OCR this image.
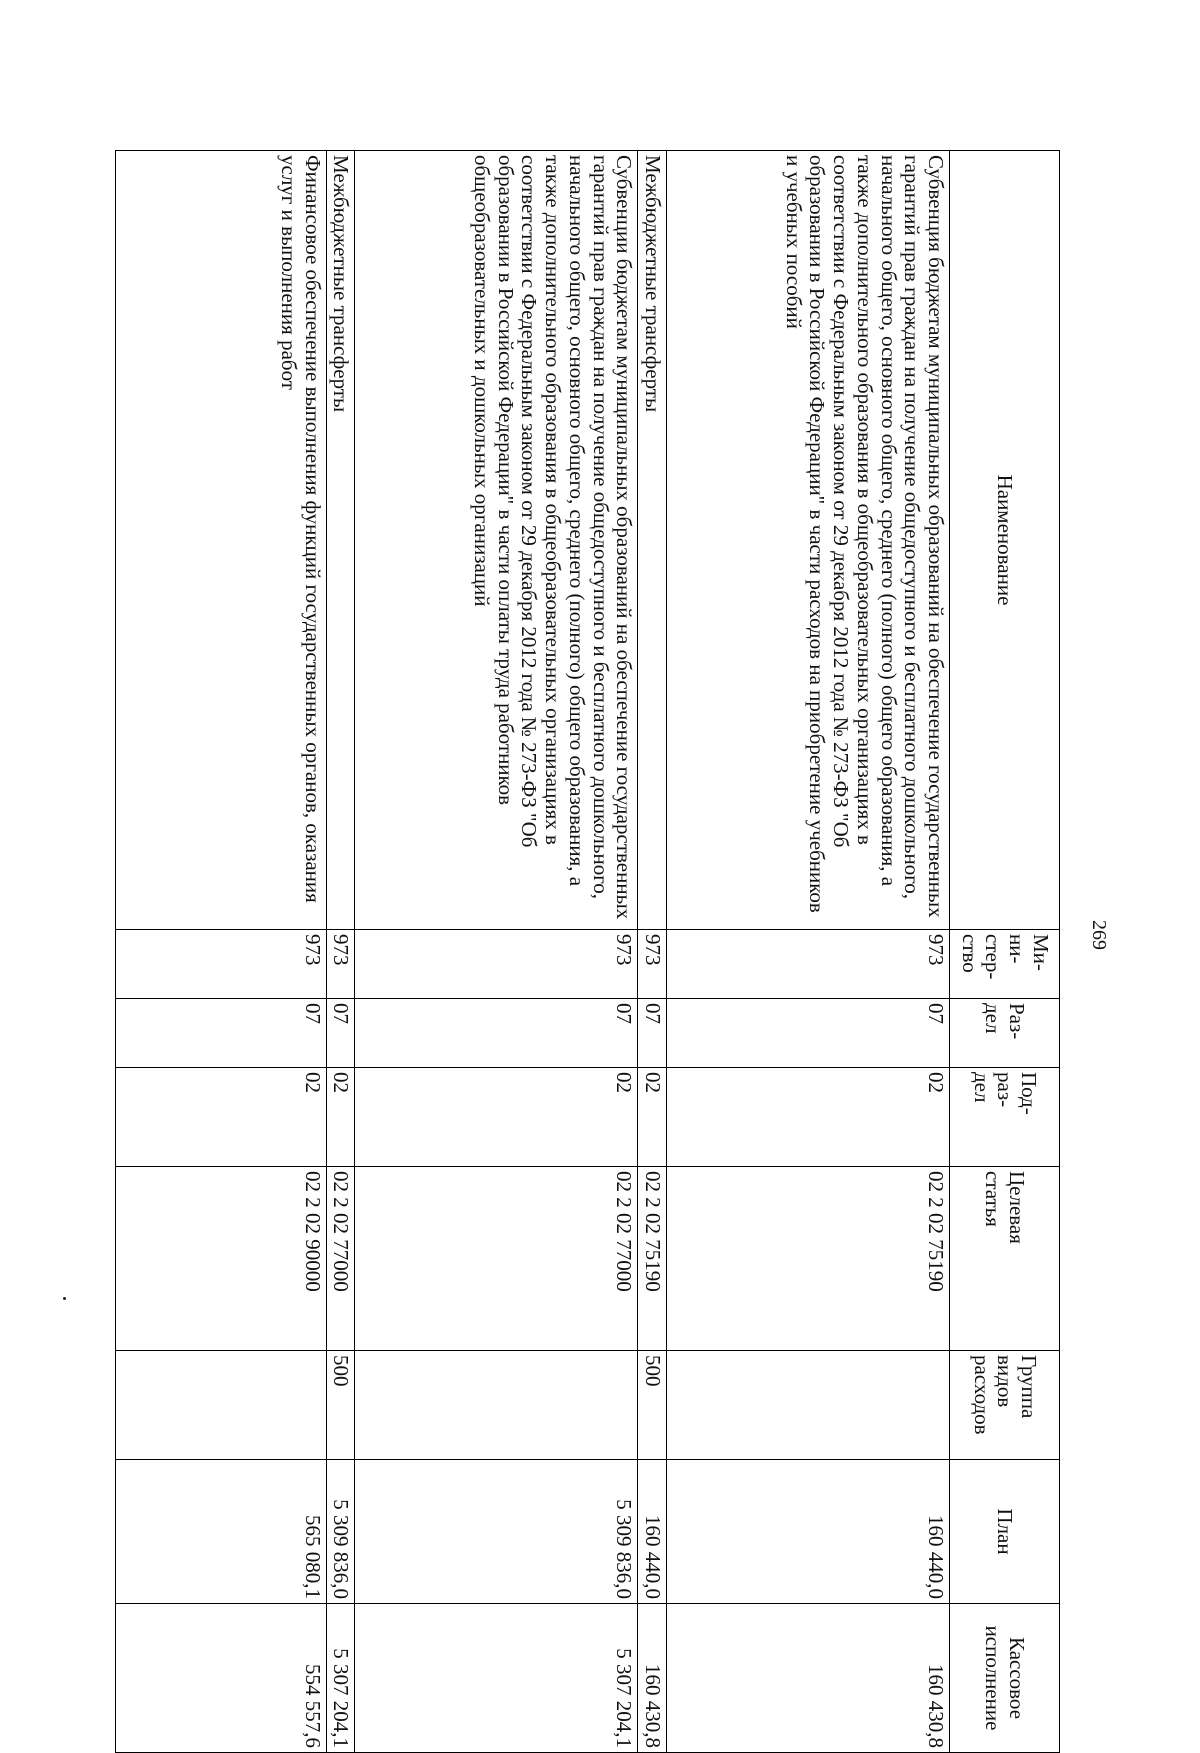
269
Наименование	Ми-
ни-
стер-
ство	Раз-
дел	Под-
раз-
дел	Целевая
статья	Группа
видов
расходов	План	Кассовое
исполнение
Субвенция бюджетам муниципальных образований на обеспечение государственных гарантий прав граждан на получение общедоступного и бесплатного дошкольного, начального общего, основного общего, среднего (полного) общего образования, а также дополнительного образования в общеобразовательных организациях в соответствии с Федеральным законом от 29 декабря 2012 года № 273-ФЗ "Об образовании в Российской Федерации" в части расходов на приобретение учебников и учебных пособий	973	07	02	02 2 02 75190		160 440,0	160 430,8
Межбюджетные трансферты	973	07	02	02 2 02 75190	500	160 440,0	160 430,8
Субвенции бюджетам муниципальных образований на обеспечение государственных гарантий прав граждан на получение общедоступного и бесплатного дошкольного, начального общего, основного общего, среднего (полного) общего образования, а также дополнительного образования в общеобразовательных организациях в соответствии с Федеральным законом от 29 декабря 2012 года № 273-ФЗ "Об образовании в Российской Федерации" в части оплаты труда работников общеобразовательных и дошкольных организаций	973	07	02	02 2 02 77000		5 309 836,0	5 307 204,1
Межбюджетные трансферты	973	07	02	02 2 02 77000	500	5 309 836,0	5 307 204,1
Финансовое обеспечение выполнения функций государственных органов, оказания услуг и выполнения работ	973	07	02	02 2 02 90000		565 080,1	554 557,6
